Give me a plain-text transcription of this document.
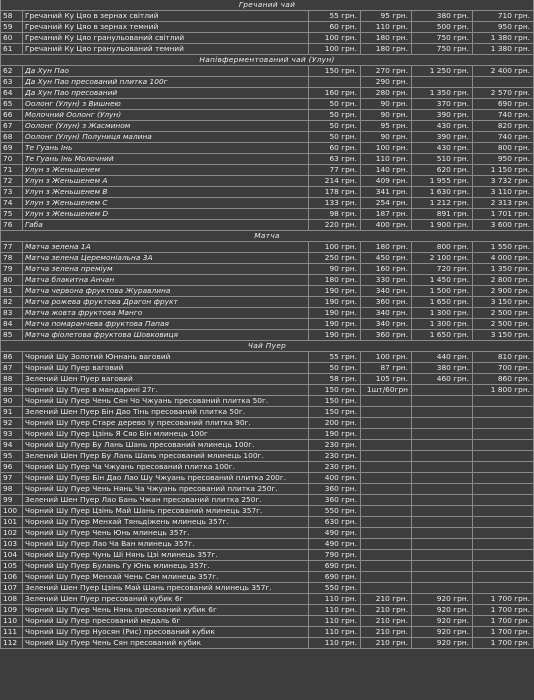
Гречаний чай					
58	Гречаний Ку Цяо в зернах світлий	55 грн.	95 грн.	380 грн.	710 грн.
59	Гречаний Ку Цяо в зернах темний	60 грн.	110 грн.	500 грн.	950 грн.
60	Гречаний Ку Цяо гранульований світлий	100 грн.	180 грн.	750 грн.	1 380 грн.
61	Гречаний Ку Цяо гранульований темний	100 грн.	180 грн.	750 грн.	1 380 грн.
Напівферментований чай (Улун)					
62	Да Хун Пао	150 грн.	270 грн.	1 250 грн.	2 400 грн.
63	Да Хун Пао пресований плитка 100г		290 грн.		
64	Да Хун Пао пресований	160 грн.	280 грн.	1 350 грн.	2 570 грн.
65	Оолонг (Улун) з Вишнею	50 грн.	90 грн.	370 грн.	690 грн.
66	Молочний Оолонг (Улун)	50 грн.	90 грн.	390 грн.	740 грн.
67	Оолонг (Улун) з Жасмином	50 грн.	95 грн.	430 грн.	820 грн.
68	Оолонг (Улун) Полуниця малина	50 грн.	90 грн.	390 грн.	740 грн.
69	Те Гуань Інь	60 грн.	100 грн.	430 грн.	800 грн.
70	Те Гуань Інь Молочний	63 грн.	110 грн.	510 грн.	950 грн.
71	Улун з Женьшенем	77 грн.	140 грн.	620 грн.	1 150 грн.
72	Улун з Женьшенем А	214 грн.	409 грн.	1 955 грн.	3 732 грн.
73	Улун з Женьшенем В	178 грн.	341 грн.	1 630 грн.	3 110 грн.
74	Улун з Женьшенем С	133 грн.	254 грн.	1 212 грн.	2 313 грн.
75	Улун з Женьшенем D	98 грн.	187 грн.	891 грн.	1 701 грн.
76	Габа	220 грн.	400 грн.	1 900 грн.	3 600 грн.
Матча					
77	Матча зелена 1А	100 грн.	180 грн.	800 грн.	1 550 грн.
78	Матча зелена Церемоніальна 3А	250 грн.	450 грн.	2 100 грн.	4 000 грн.
79	Матча зелена преміум	90 грн.	160 грн.	720 грн.	1 350 грн.
80	Матча блакитна Анчан	180 грн.	330 грн.	1 450 грн.	2 800 грн.
81	Матча червона фруктова Журавлина	190 грн.	340 грн.	1 500 грн.	2 900 грн.
82	Матча рожева фруктова Дрaгон фрукт	190 грн.	360 грн.	1 650 грн.	3 150 грн.
83	Матча жовта фруктова Манго	190 грн.	340 грн.	1 300 грн.	2 500 грн.
84	Матча помаранчева фруктова Папая	190 грн.	340 грн.	1 300 грн.	2 500 грн.
85	Матча фіолетова фруктова Шовковиця	190 грн.	360 грн.	1 650 грн.	3 150 грн.
Чай Пуер					
86	Чорний Шу Золотий Юннань ваговий	55 грн.	100 грн.	440 грн.	810 грн.
87	Чорний Шу Пуер ваговий	50 грн.	87 грн.	380 грн.	700 грн.
88	Зелений Шен Пуер ваговий	58 грн.	105 грн.	460 грн.	860 грн.
89	Чорний Шу Пуер в мандарині 27г.	150 грн.	1шт/60грн		1 800 грн.
90	Чорний Шу Пуер Чень Сян Чо Чжуань пресований плитка 50г.	150 грн.			
91	Зелений Шен Пуер Бін Дао Тінь пресований плитка 50г.	150 грн.			
92	Чорний Шу Пуер Старе дерево Іу пресований плитка 90г.	200 грн.			
93	Чорний Шу Пуер Цзінь Я Сяо Бін млинець 100г	190 грн.			
94	Чорний Шу Пуер Бу Лань Шань пресований млинець 100г.	230 грн.			
95	Зелений Шен Пуер Бу Лань Шань пресований млинець 100г.	230 грн.			
96	Чорний Шу Пуер Ча Чжуань пресований плитка 100г.	230 грн.			
97	Чорний Шу Пуер Бін Дао Лао Шу Чжуань пресований плитка 200г.	400 грн.			
98	Чорний Шу Пуер Чень Нянь Ча Чжуань пресований плитка 250г.	360 грн.			
99	Зелений Шен Пуер Лао Бань Чжан пресований плитка 250г.	360 грн.			
100	Чорний Шу Пуер Цзінь Май Шань пресований млинець 357г.	550 грн.			
101	Чорний Шу Пуер Менхай Тяньдіжень млинець 357г.	630 грн.			
102	Чорний Шу Пуер Чень Юнь млинець 357г.	490 грн.			
103	Чорний Шу Пуер Лао Ча Ван млинець 357г.	490 грн.			
104	Чорний Шу Пуер Чунь Ші Нянь Цзі млинець 357г.	790 грн.			
105	Чорний Шу Пуер Булань Гу Юнь млинець 357г.	690 грн.			
106	Чорний Шу Пуер Менхай Чень Сян млинець 357г.	690 грн.			
107	Зелений Шен Пуер Цзінь Май Шань пресований млинець 357г.	550 грн.			
108	Зелений Шен Пуер пресований кубик 6г	110 грн.	210 грн.	920 грн.	1 700 грн.
109	Чорний Шу Пуер Чень Нянь пресований кубик 6г	110 грн.	210 грн.	920 грн.	1 700 грн.
110	Чорний Шу Пуер пресований медаль 6г	110 грн.	210 грн.	920 грн.	1 700 грн.
111	Чорний Шу Пуер Нуосян (Рис) пресований кубик	110 грн.	210 грн.	920 грн.	1 700 грн.
112	Чорний Шу Пуер Чень Сян пресований кубик	110 грн.	210 грн.	920 грн.	1 700 грн.
